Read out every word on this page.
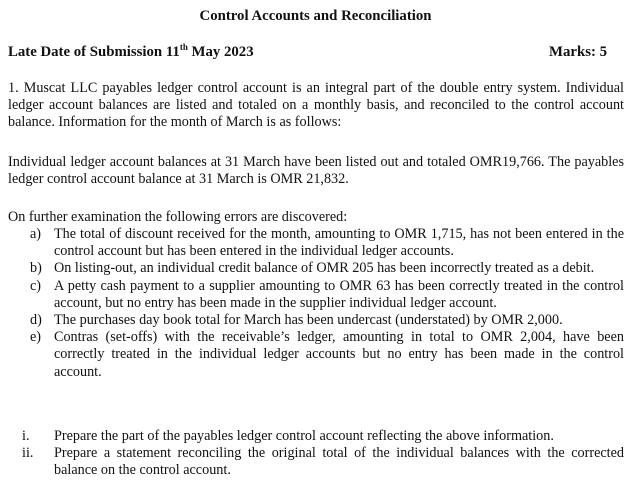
Control Accounts and Reconciliation
Late Date of Submission 11th May 2023	Marks: 5

1. Muscat LLC payables ledger control account is an integral part of the double entry system. Individual ledger account balances are listed and totaled on a monthly basis, and reconciled to the control account balance. Information for the month of March is as follows:

Individual ledger account balances at 31 March have been listed out and totaled OMR19,766. The payables ledger control account balance at 31 March is OMR 21,832.

On further examination the following errors are discovered:

a) The total of discount received for the month, amounting to OMR 1,715, has not been entered in the control account but has been entered in the individual ledger accounts.
b) On listing-out, an individual credit balance of OMR 205 has been incorrectly treated as a debit.
c) A petty cash payment to a supplier amounting to OMR 63 has been correctly treated in the control account, but no entry has been made in the supplier individual ledger account.
d) The purchases day book total for March has been undercast (understated) by OMR 2,000.
e) Contras (set-offs) with the receivable’s ledger, amounting in total to OMR 2,004, have been correctly treated in the individual ledger accounts but no entry has been made in the control account.
i.	Prepare the part of the payables ledger control account reflecting the above information.
ii.	Prepare a statement reconciling the original total of the individual balances with the corrected balance on the control account.
